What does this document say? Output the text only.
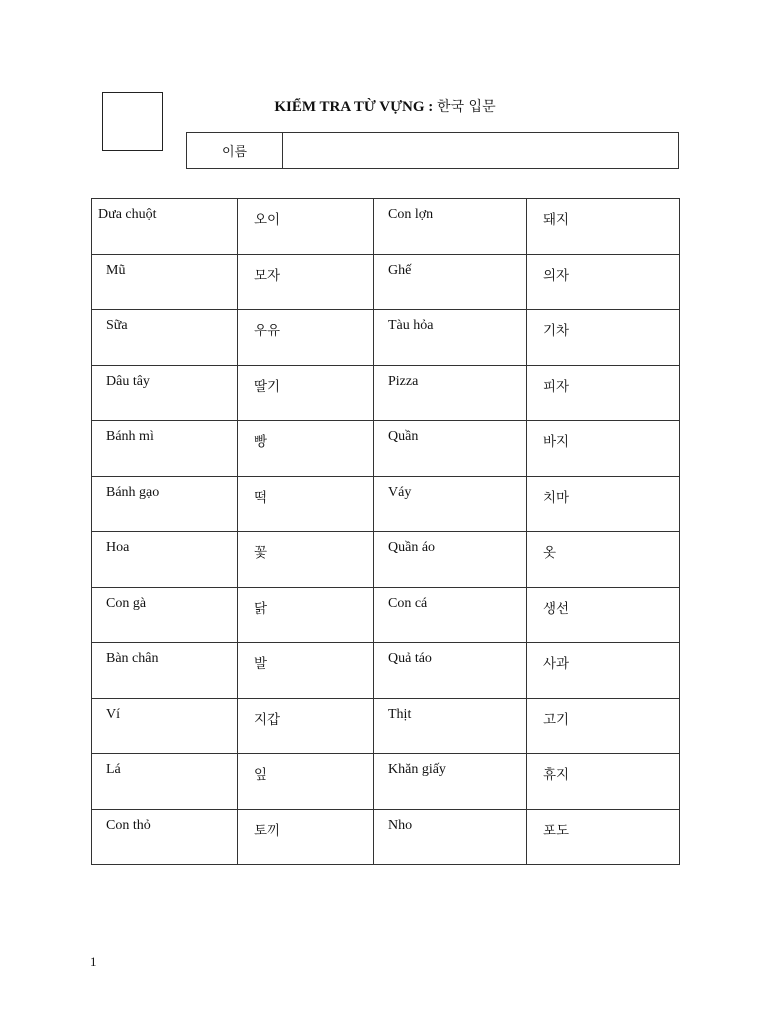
KIỂM TRA TỪ VỰNG : 한국 입문
이름	
Dưa chuột	오이	Con lợn	돼지
Mũ	모자	Ghế	의자
Sữa	우유	Tàu hỏa	기차
Dâu tây	딸기	Pizza	피자
Bánh mì	빵	Quần	바지
Bánh gạo	떡	Váy	치마
Hoa	꽃	Quần áo	옷
Con gà	닭	Con cá	생선
Bàn chân	발	Quả táo	사과
Ví	지갑	Thịt	고기
Lá	잎	Khăn giấy	휴지
Con thỏ	토끼	Nho	포도
1
